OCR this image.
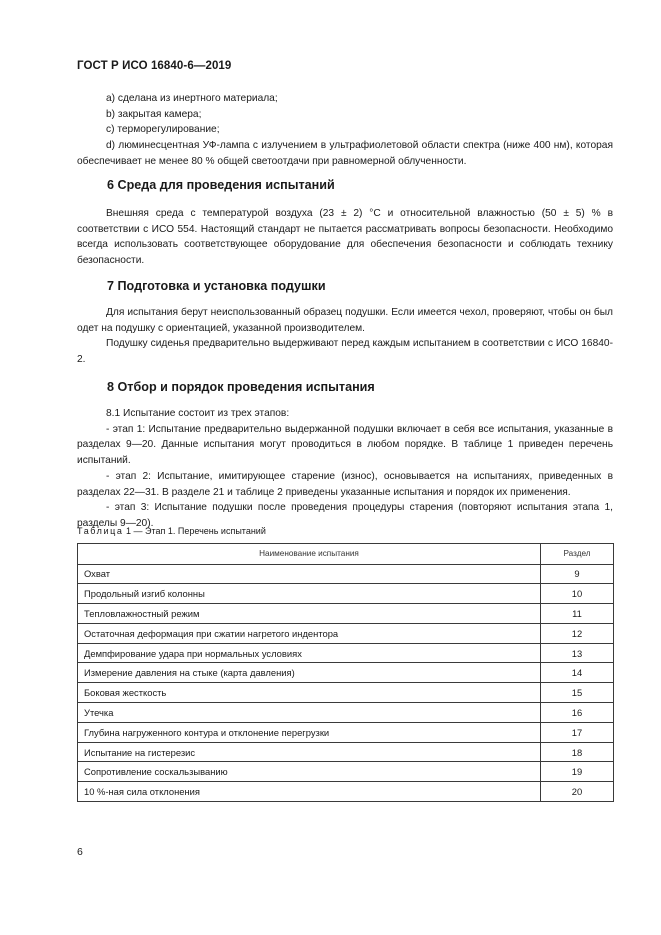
ГОСТ Р ИСО 16840-6—2019

a) сделана из инертного материала;

b) закрытая камера;

c) терморегулирование;

d) люминесцентная УФ-лампа с излучением в ультрафиолетовой области спектра (ниже 400 нм), которая обеспечивает не менее 80 % общей светоотдачи при равномерной облученности.

6 Среда для проведения испытаний

Внешняя среда с температурой воздуха (23 ± 2) °С и относительной влажностью (50 ± 5) % в соответствии с ИСО 554. Настоящий стандарт не пытается рассматривать вопросы безопасности. Необходимо всегда использовать соответствующее оборудование для обеспечения безопасности и соблюдать технику безопасности.

7 Подготовка и установка подушки

Для испытания берут неиспользованный образец подушки. Если имеется чехол, проверяют, чтобы он был одет на подушку с ориентацией, указанной производителем.

Подушку сиденья предварительно выдерживают перед каждым испытанием в соответствии с ИСО 16840-2.

8 Отбор и порядок проведения испытания

8.1 Испытание состоит из трех этапов:

- этап 1: Испытание предварительно выдержанной подушки включает в себя все испытания, указанные в разделах 9—20. Данные испытания могут проводиться в любом порядке. В таблице 1 приведен перечень испытаний.

- этап 2: Испытание, имитирующее старение (износ), основывается на испытаниях, приведенных в разделах 22—31. В разделе 21 и таблице 2 приведены указанные испытания и порядок их применения.

- этап 3: Испытание подушки после проведения процедуры старения (повторяют испытания этапа 1, разделы 9—20).

Таблица 1 — Этап 1. Перечень испытаний
Наименование испытания	Раздел
Охват	9
Продольный изгиб колонны	10
Тепловлажностный режим	11
Остаточная деформация при сжатии нагретого индентора	12
Демпфирование удара при нормальных условиях	13
Измерение давления на стыке (карта давления)	14
Боковая жесткость	15
Утечка	16
Глубина нагруженного контура и отклонение перегрузки	17
Испытание на гистерезис	18
Сопротивление соскальзыванию	19
10 %-ная сила отклонения	20
6
